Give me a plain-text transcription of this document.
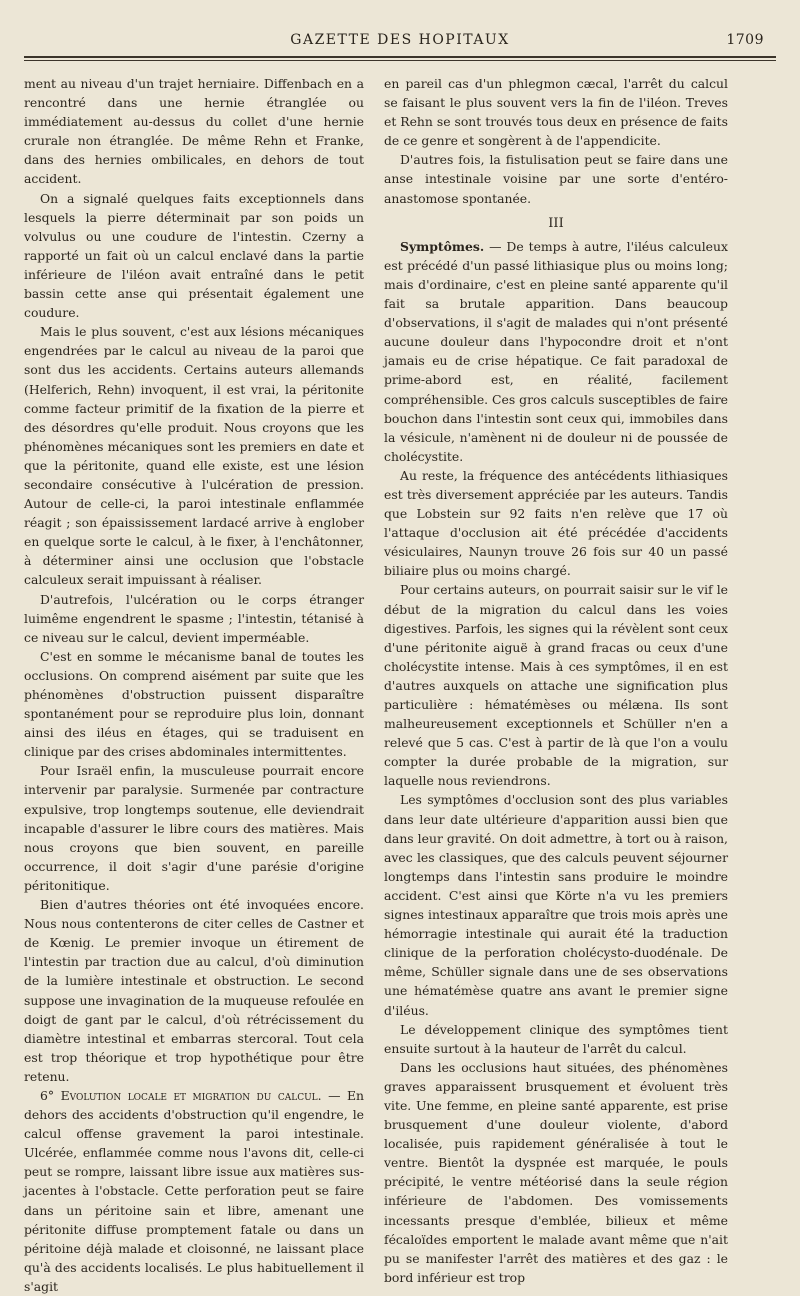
GAZETTE DES HOPITAUX	1709

ment au niveau d'un trajet herniaire. Diffenbach en a rencontré dans une hernie étranglée ou immédiatement au-dessus du collet d'une hernie crurale non étranglée. De même Rehn et Franke, dans des hernies ombilicales, en dehors de tout accident.

On a signalé quelques faits exceptionnels dans lesquels la pierre déterminait par son poids un volvulus ou une coudure de l'intestin. Czerny a rapporté un fait où un calcul enclavé dans la partie inférieure de l'iléon avait entraîné dans le petit bassin cette anse qui présentait également une coudure.

Mais le plus souvent, c'est aux lésions mécaniques engendrées par le calcul au niveau de la paroi que sont dus les accidents. Certains auteurs allemands (Helferich, Rehn) invoquent, il est vrai, la péritonite comme facteur primitif de la fixation de la pierre et des désordres qu'elle produit. Nous croyons que les phénomènes mécaniques sont les premiers en date et que la péritonite, quand elle existe, est une lésion secondaire consécutive à l'ulcération de pression. Autour de celle-ci, la paroi intestinale enflammée réagit ; son épaississement lardacé arrive à englober en quelque sorte le calcul, à le fixer, à l'enchâtonner, à déterminer ainsi une occlusion que l'obstacle calculeux serait impuissant à réaliser.

D'autrefois, l'ulcération ou le corps étranger luimême engendrent le spasme ; l'intestin, tétanisé à ce niveau sur le calcul, devient imperméable.

C'est en somme le mécanisme banal de toutes les occlusions. On comprend aisément par suite que les phénomènes d'obstruction puissent disparaître spontanément pour se reproduire plus loin, donnant ainsi des iléus en étages, qui se traduisent en clinique par des crises abdominales intermittentes.

Pour Israël enfin, la musculeuse pourrait encore intervenir par paralysie. Surmenée par contracture expulsive, trop longtemps soutenue, elle deviendrait incapable d'assurer le libre cours des matières. Mais nous croyons que bien souvent, en pareille occurrence, il doit s'agir d'une parésie d'origine péritonitique.

Bien d'autres théories ont été invoquées encore. Nous nous contenterons de citer celles de Castner et de Kœnig. Le premier invoque un étirement de l'intestin par traction due au calcul, d'où diminution de la lumière intestinale et obstruction. Le second suppose une invagination de la muqueuse refoulée en doigt de gant par le calcul, d'où rétrécissement du diamètre intestinal et embarras stercoral. Tout cela est trop théorique et trop hypothétique pour être retenu.

6° Evolution locale et migration du calcul. — En dehors des accidents d'obstruction qu'il engendre, le calcul offense gravement la paroi intestinale. Ulcérée, enflammée comme nous l'avons dit, celle-ci peut se rompre, laissant libre issue aux matières sus-jacentes à l'obstacle. Cette perforation peut se faire dans un péritoine sain et libre, amenant une péritonite diffuse promptement fatale ou dans un péritoine déjà malade et cloisonné, ne laissant place qu'à des accidents localisés. Le plus habituellement il s'agit

en pareil cas d'un phlegmon cæcal, l'arrêt du calcul se faisant le plus souvent vers la fin de l'iléon. Treves et Rehn se sont trouvés tous deux en présence de faits de ce genre et songèrent à de l'appendicite.

D'autres fois, la fistulisation peut se faire dans une anse intestinale voisine par une sorte d'entéro-anastomose spontanée.

III

Symptômes. — De temps à autre, l'iléus calculeux est précédé d'un passé lithiasique plus ou moins long; mais d'ordinaire, c'est en pleine santé apparente qu'il fait sa brutale apparition. Dans beaucoup d'observations, il s'agit de malades qui n'ont présenté aucune douleur dans l'hypocondre droit et n'ont jamais eu de crise hépatique. Ce fait paradoxal de prime-abord est, en réalité, facilement compréhensible. Ces gros calculs susceptibles de faire bouchon dans l'intestin sont ceux qui, immobiles dans la vésicule, n'amènent ni de douleur ni de poussée de cholécystite.

Au reste, la fréquence des antécédents lithiasiques est très diversement appréciée par les auteurs. Tandis que Lobstein sur 92 faits n'en relève que 17 où l'attaque d'occlusion ait été précédée d'accidents vésiculaires, Naunyn trouve 26 fois sur 40 un passé biliaire plus ou moins chargé.

Pour certains auteurs, on pourrait saisir sur le vif le début de la migration du calcul dans les voies digestives. Parfois, les signes qui la révèlent sont ceux d'une péritonite aiguë à grand fracas ou ceux d'une cholécystite intense. Mais à ces symptômes, il en est d'autres auxquels on attache une signification plus particulière : hématémèses ou mélæna. Ils sont malheureusement exceptionnels et Schüller n'en a relevé que 5 cas. C'est à partir de là que l'on a voulu compter la durée probable de la migration, sur laquelle nous reviendrons.

Les symptômes d'occlusion sont des plus variables dans leur date ultérieure d'apparition aussi bien que dans leur gravité. On doit admettre, à tort ou à raison, avec les classiques, que des calculs peuvent séjourner longtemps dans l'intestin sans produire le moindre accident. C'est ainsi que Körte n'a vu les premiers signes intestinaux apparaître que trois mois après une hémorragie intestinale qui aurait été la traduction clinique de la perforation cholécysto-duodénale. De même, Schüller signale dans une de ses observations une hématémèse quatre ans avant le premier signe d'iléus.

Le développement clinique des symptômes tient ensuite surtout à la hauteur de l'arrêt du calcul.

Dans les occlusions haut situées, des phénomènes graves apparaissent brusquement et évoluent très vite. Une femme, en pleine santé apparente, est prise brusquement d'une douleur violente, d'abord localisée, puis rapidement généralisée à tout le ventre. Bientôt la dyspnée est marquée, le pouls précipité, le ventre météorisé dans la seule région inférieure de l'abdomen. Des vomissements incessants presque d'emblée, bilieux et même fécaloïdes emportent le malade avant même que n'ait pu se manifester l'arrêt des matières et des gaz : le bord inférieur est trop
